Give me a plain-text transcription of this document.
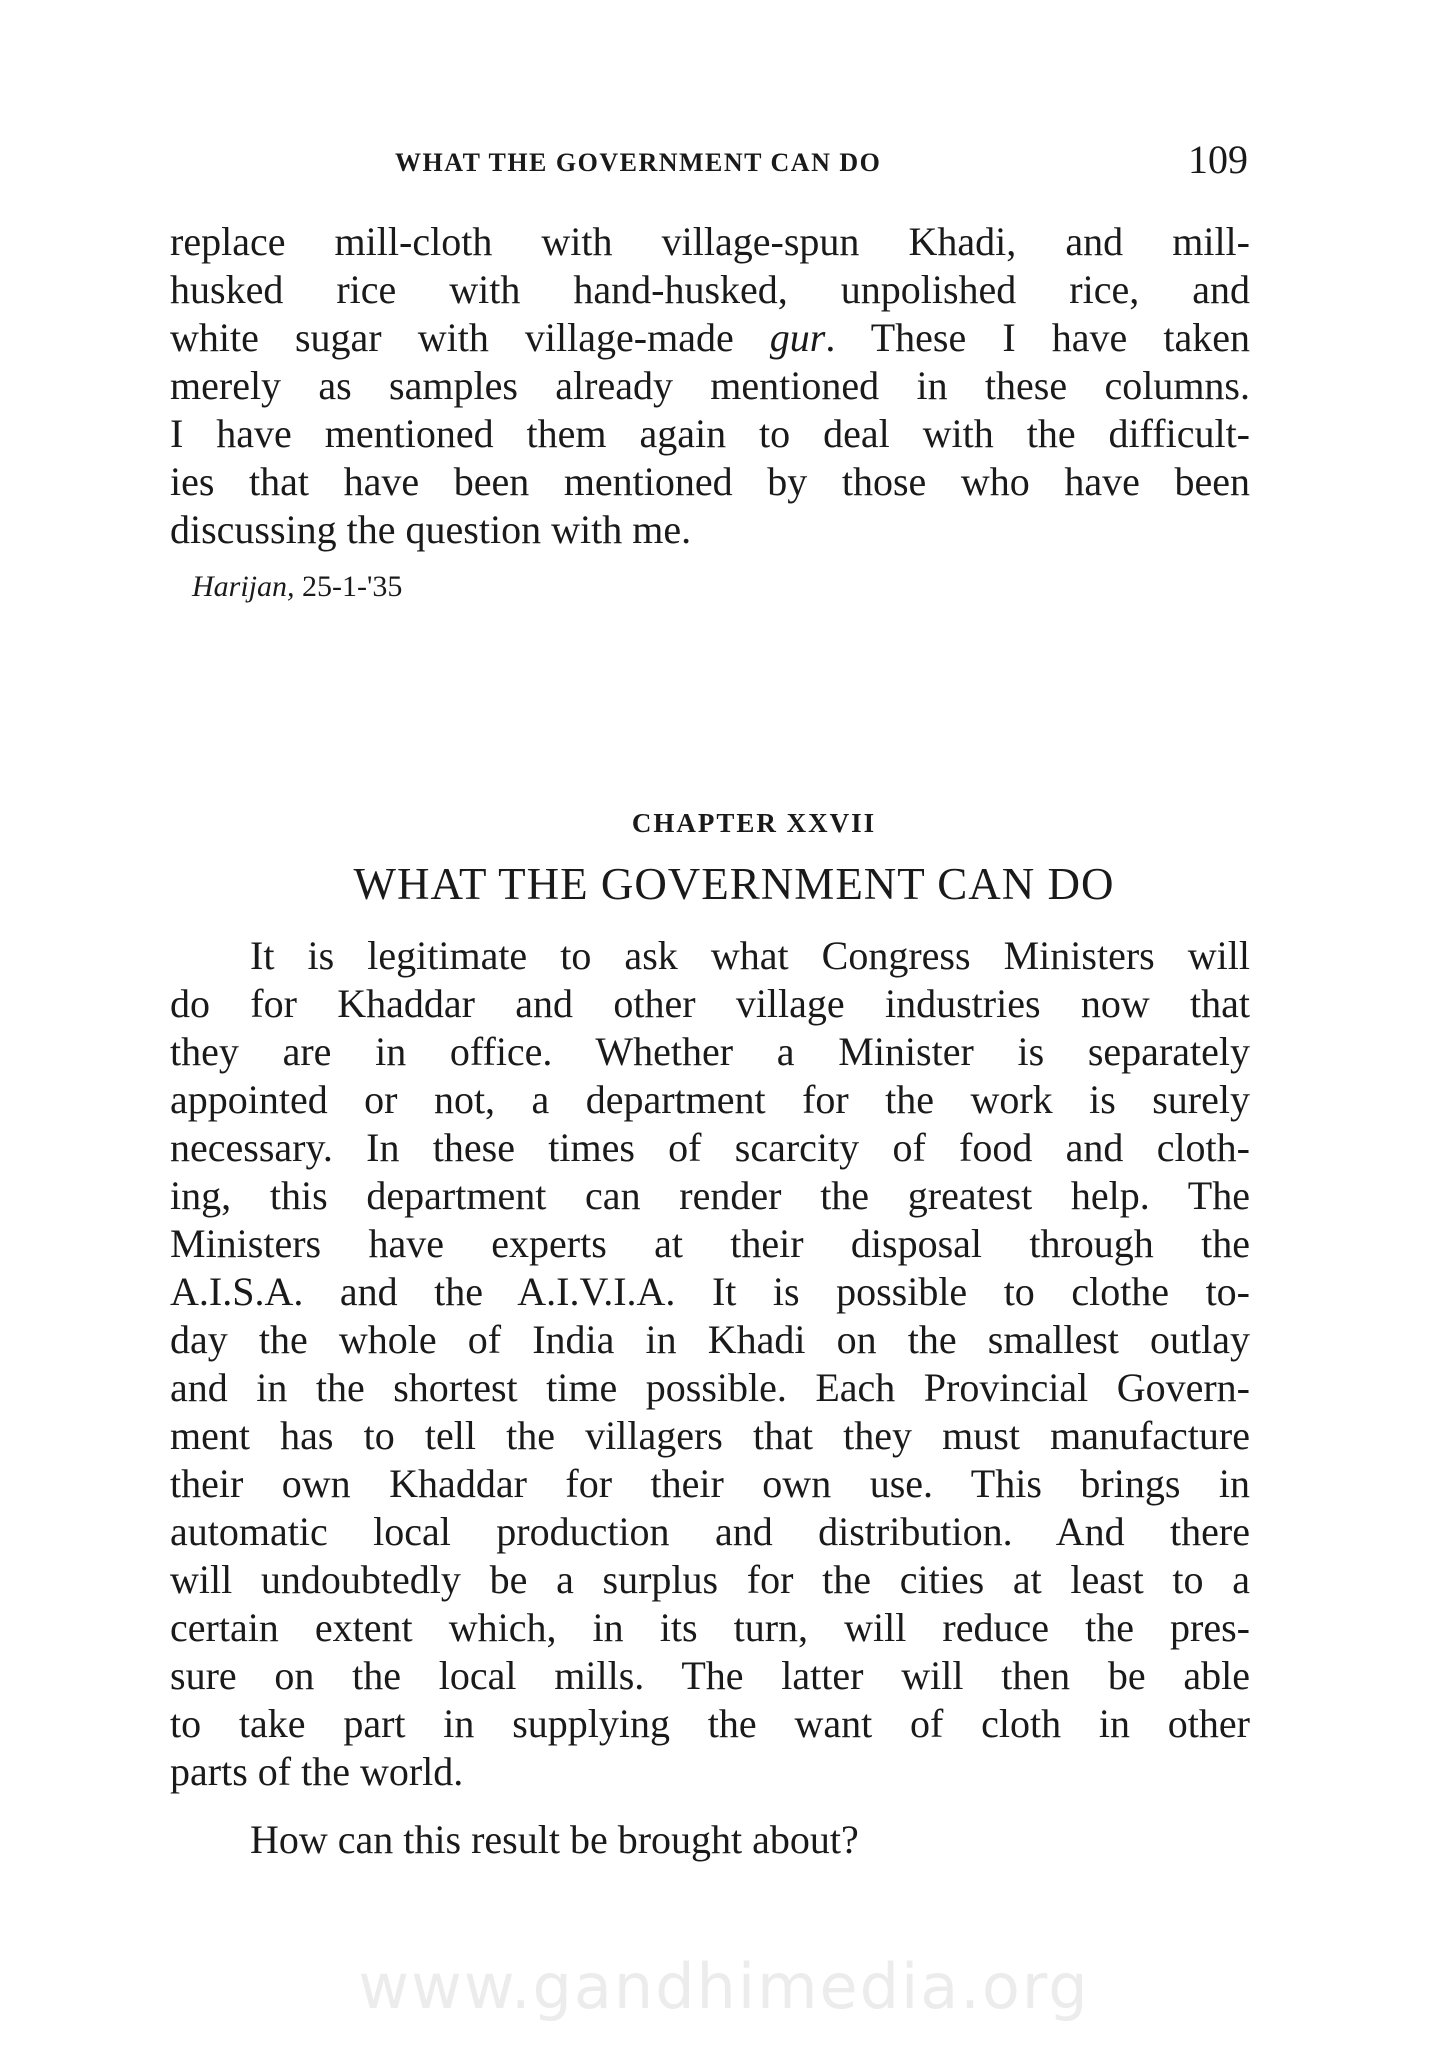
WHAT THE GOVERNMENT CAN DO	109
replace mill-cloth with village-spun Khadi, and mill-
husked rice with hand-husked, unpolished rice, and
white sugar with village-made gur. These I have taken
merely as samples already mentioned in these columns.
I have mentioned them again to deal with the difficult-
ies that have been mentioned by those who have been
discussing the question with me.
Harijan, 25-1-'35
CHAPTER XXVII
WHAT THE GOVERNMENT CAN DO
It is legitimate to ask what Congress Ministers will
do for Khaddar and other village industries now that
they are in office. Whether a Minister is separately
appointed or not, a department for the work is surely
necessary. In these times of scarcity of food and cloth-
ing, this department can render the greatest help. The
Ministers have experts at their disposal through the
A.I.S.A. and the A.I.V.I.A. It is possible to clothe to-
day the whole of India in Khadi on the smallest outlay
and in the shortest time possible. Each Provincial Govern-
ment has to tell the villagers that they must manufacture
their own Khaddar for their own use. This brings in
automatic local production and distribution. And there
will undoubtedly be a surplus for the cities at least to a
certain extent which, in its turn, will reduce the pres-
sure on the local mills. The latter will then be able
to take part in supplying the want of cloth in other
parts of the world.
How can this result be brought about?
www.gandhimedia.org
